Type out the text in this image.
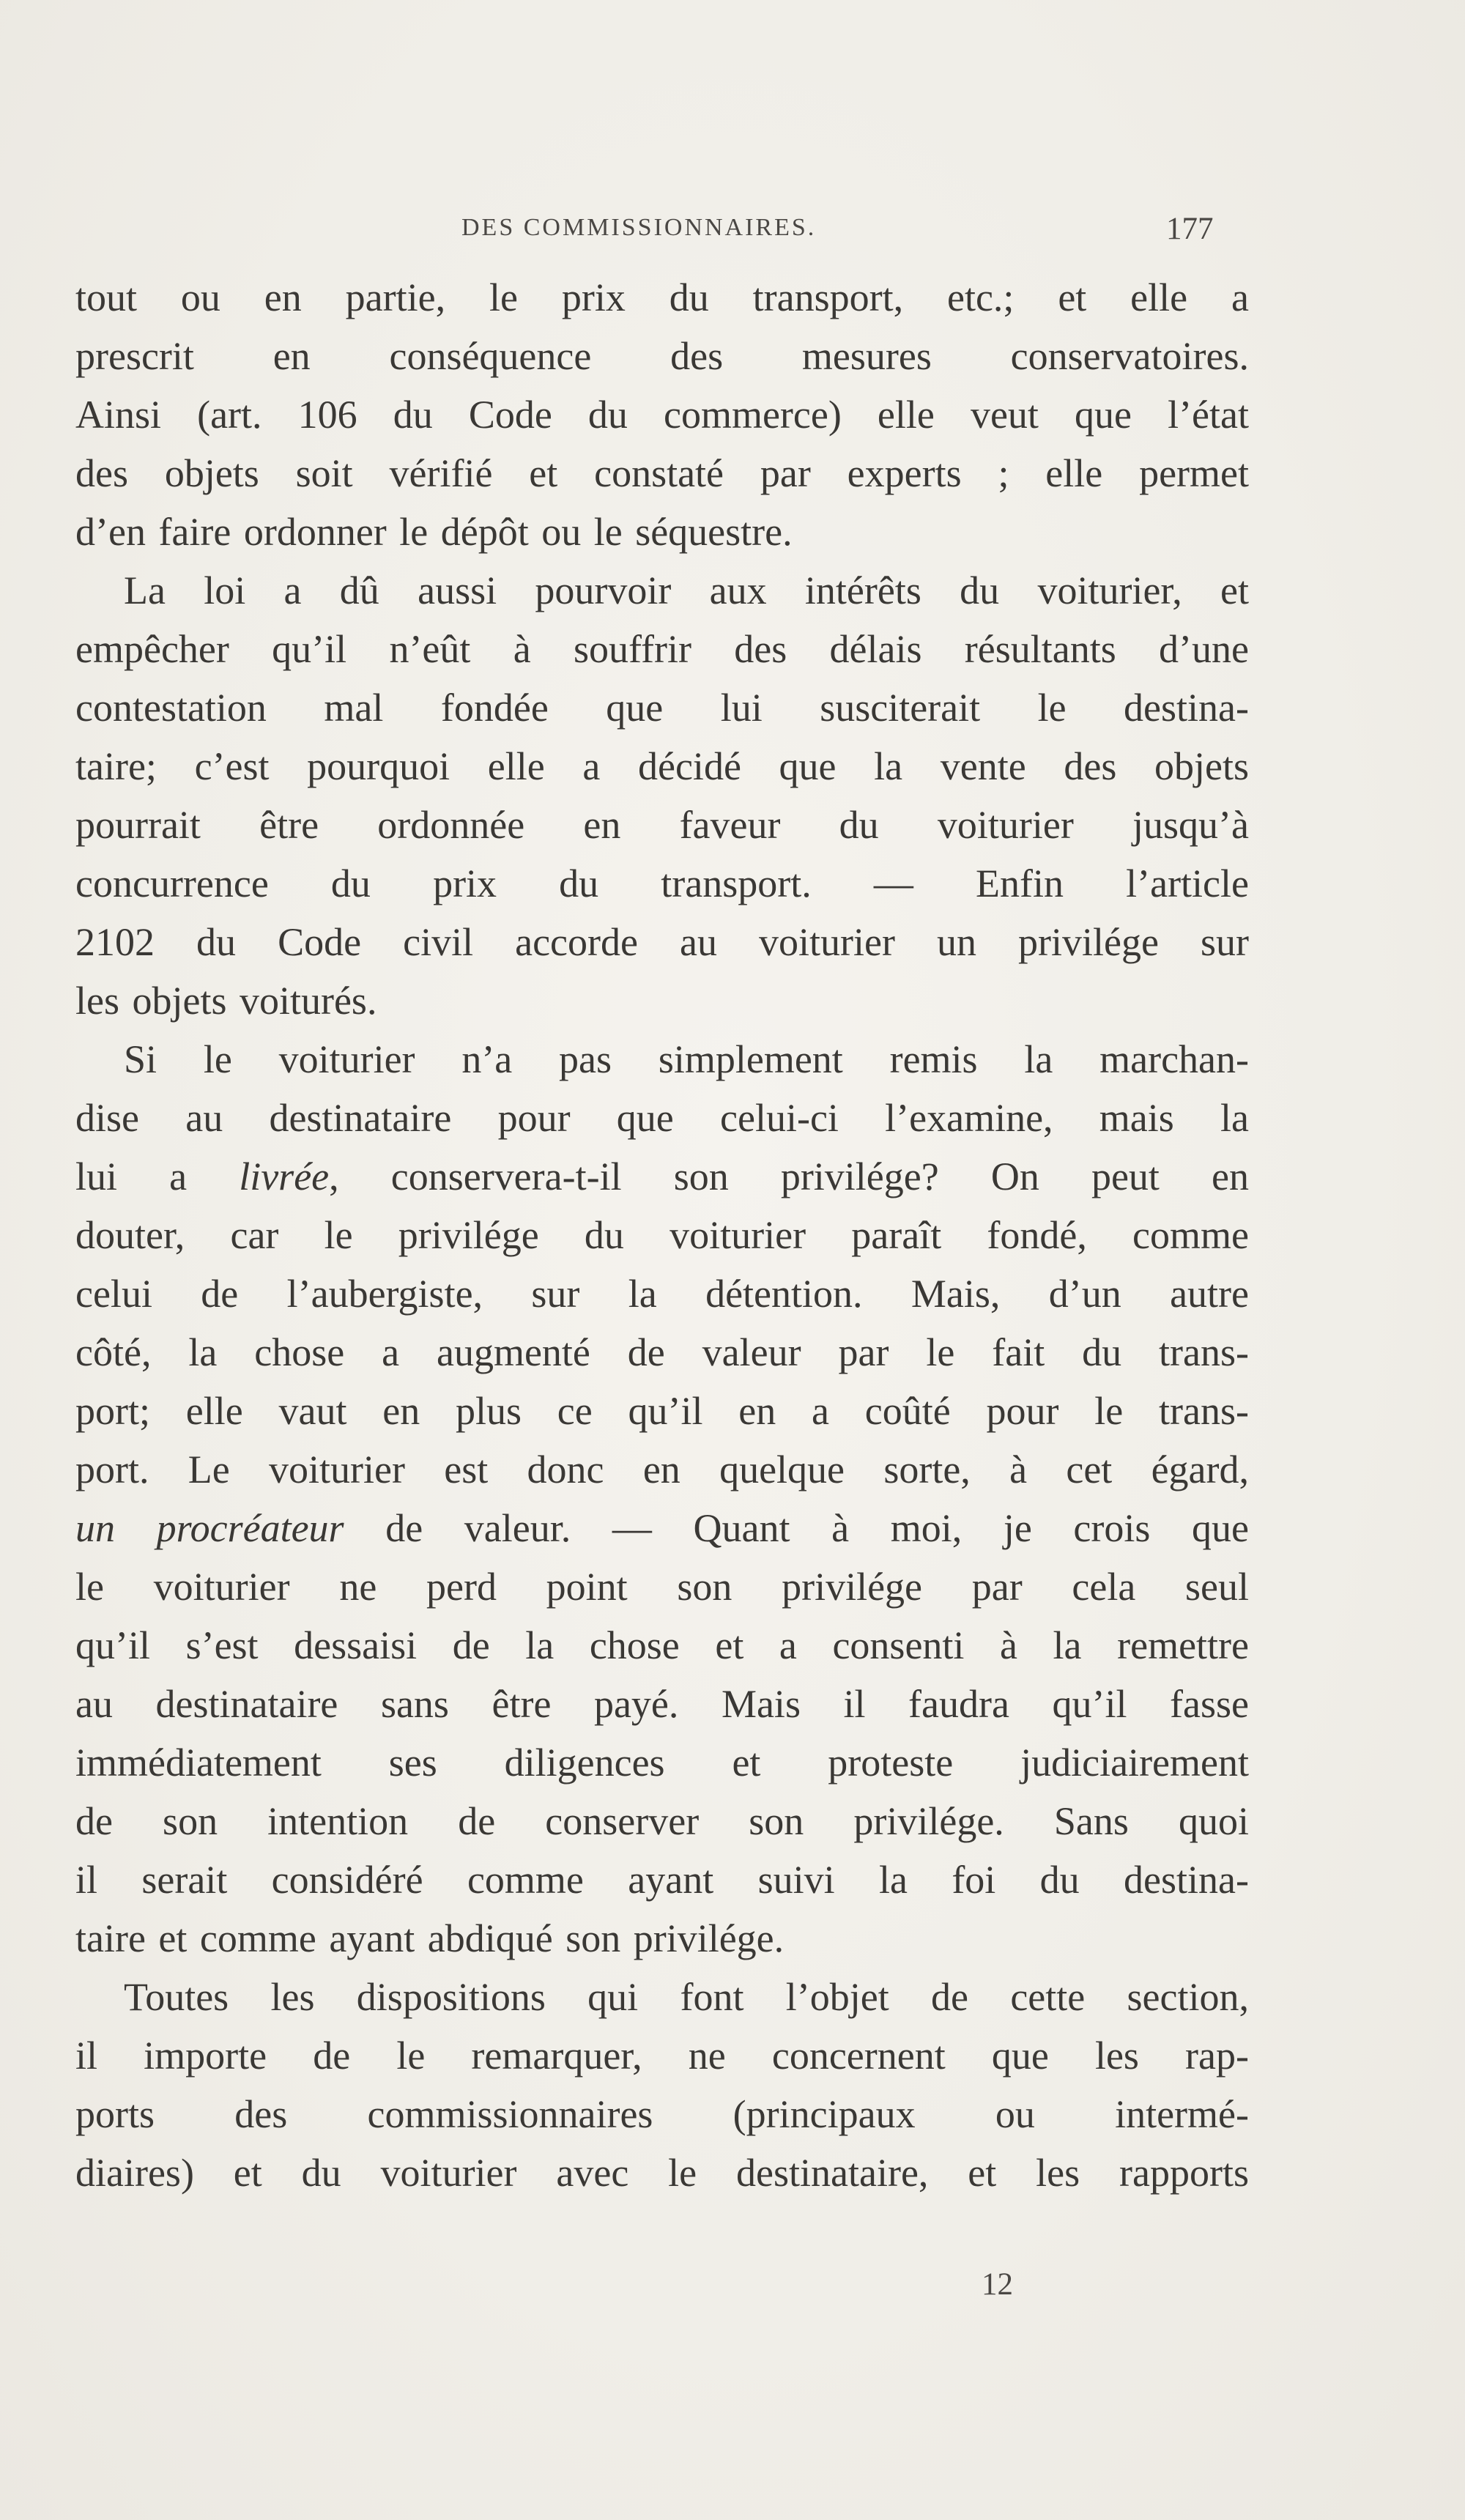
DES COMMISSIONNAIRES.	177
tout ou en partie, le prix du transport, etc.; et elle a
prescrit en conséquence des mesures conservatoires.
Ainsi (art. 106 du Code du commerce) elle veut que l’état
des objets soit vérifié et constaté par experts ; elle permet
d’en faire ordonner le dépôt ou le séquestre.
La loi a dû aussi pourvoir aux intérêts du voiturier, et
empêcher qu’il n’eût à souffrir des délais résultants d’une
contestation mal fondée que lui susciterait le destina-
taire; c’est pourquoi elle a décidé que la vente des objets
pourrait être ordonnée en faveur du voiturier jusqu’à
concurrence du prix du transport. — Enfin l’article
2102 du Code civil accorde au voiturier un privilége sur
les objets voiturés.
Si le voiturier n’a pas simplement remis la marchan-
dise au destinataire pour que celui-ci l’examine, mais la
lui a livrée, conservera-t-il son privilége? On peut en
douter, car le privilége du voiturier paraît fondé, comme
celui de l’aubergiste, sur la détention. Mais, d’un autre
côté, la chose a augmenté de valeur par le fait du trans-
port; elle vaut en plus ce qu’il en a coûté pour le trans-
port. Le voiturier est donc en quelque sorte, à cet égard,
un procréateur de valeur. — Quant à moi, je crois que
le voiturier ne perd point son privilége par cela seul
qu’il s’est dessaisi de la chose et a consenti à la remettre
au destinataire sans être payé. Mais il faudra qu’il fasse
immédiatement ses diligences et proteste judiciairement
de son intention de conserver son privilége. Sans quoi
il serait considéré comme ayant suivi la foi du destina-
taire et comme ayant abdiqué son privilége.
Toutes les dispositions qui font l’objet de cette section,
il importe de le remarquer, ne concernent que les rap-
ports des commissionnaires (principaux ou intermé-
diaires) et du voiturier avec le destinataire, et les rapports
12
